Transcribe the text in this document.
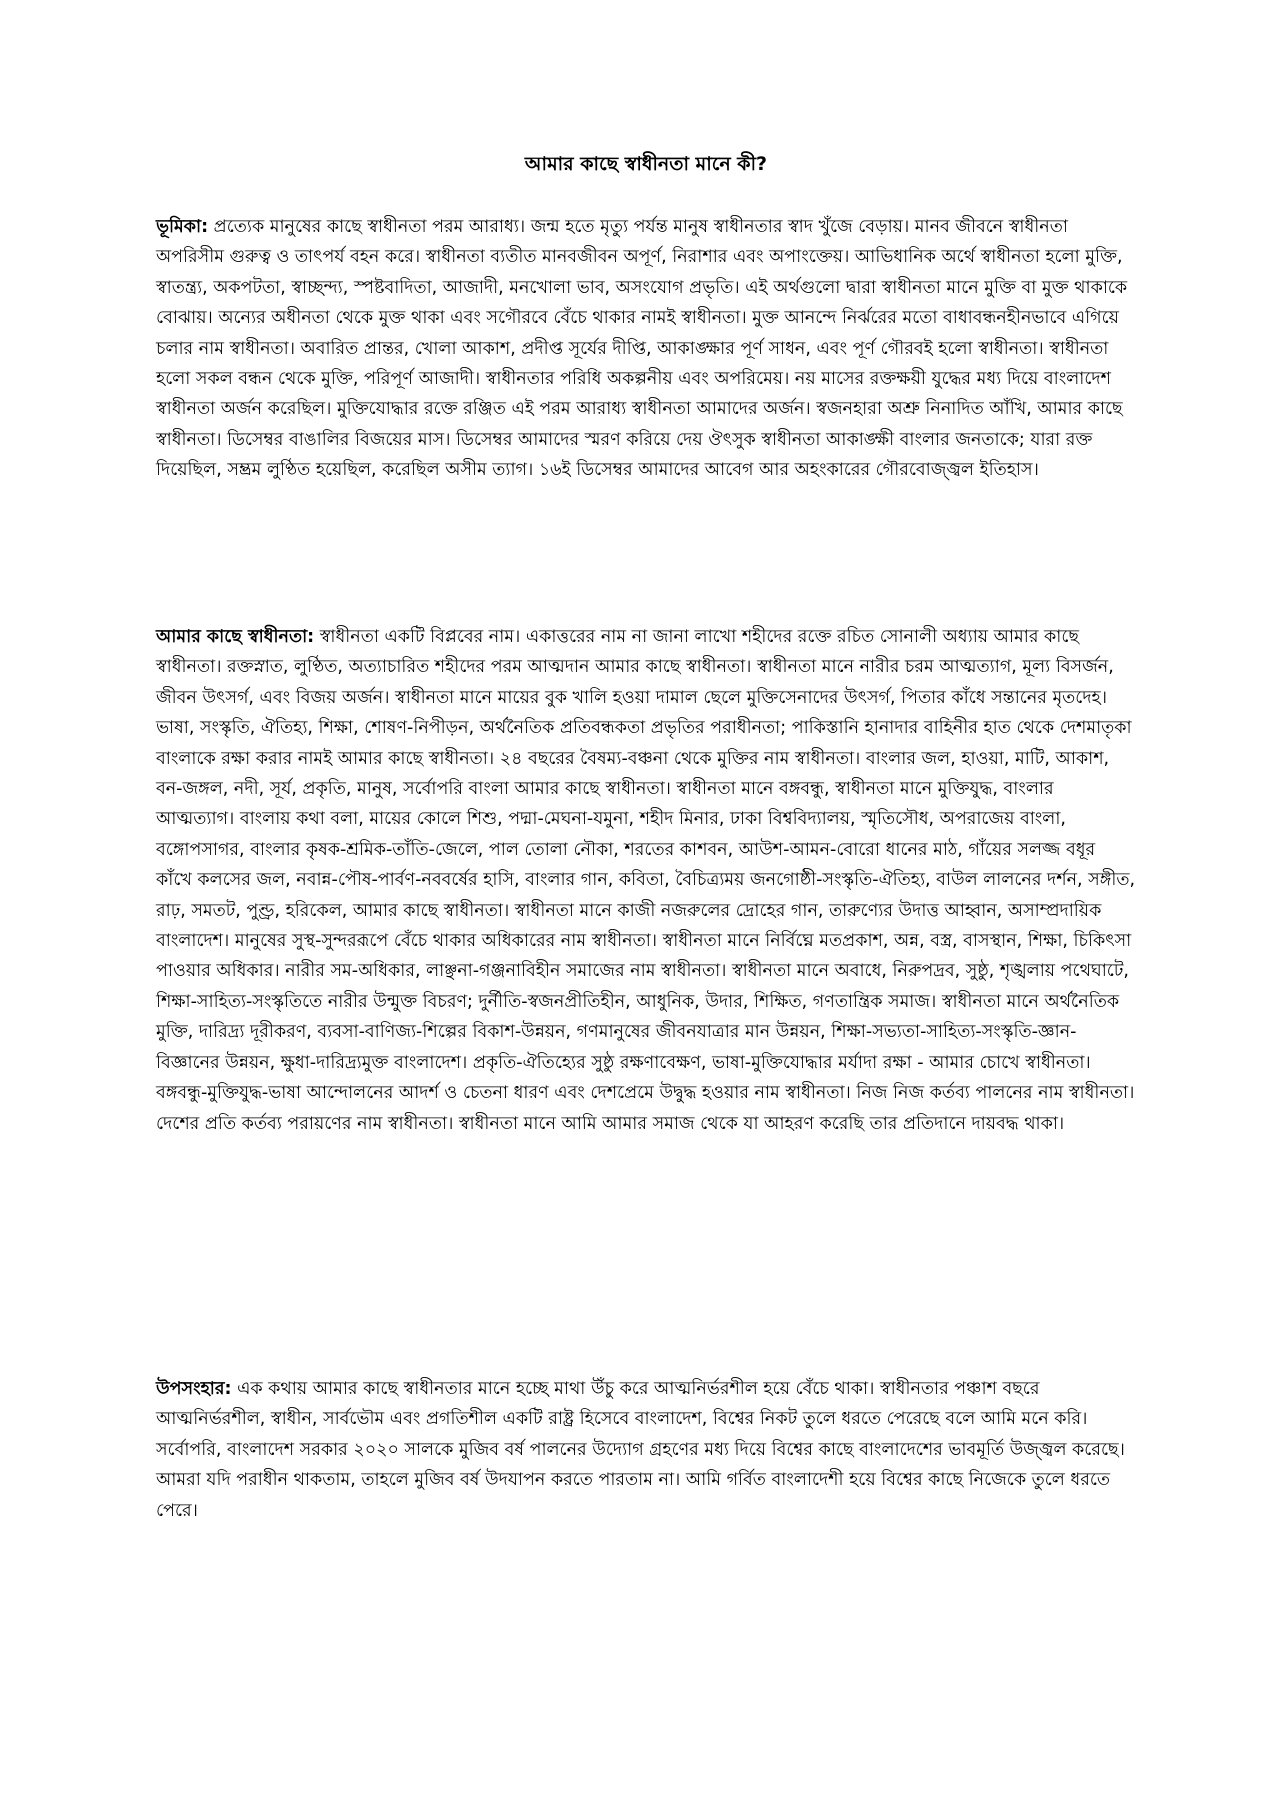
আমার কাছে স্বাধীনতা মানে কী?

ভূমিকা: প্রত্যেক মানুষের কাছে স্বাধীনতা পরম আরাধ্য। জন্ম হতে মৃত্যু পর্যন্ত মানুষ স্বাধীনতার স্বাদ খুঁজে বেড়ায়। মানব জীবনে স্বাধীনতা অপরিসীম গুরুত্ব ও তাৎপর্য বহন করে। স্বাধীনতা ব্যতীত মানবজীবন অপূর্ণ, নিরাশার এবং অপাংক্তেয়। আভিধানিক অর্থে স্বাধীনতা হলো মুক্তি, স্বাতন্ত্র্য, অকপটতা, স্বাচ্ছন্দ্য, স্পষ্টবাদিতা, আজাদী, মনখোলা ভাব, অসংযোগ প্রভৃতি। এই অর্থগুলো দ্বারা স্বাধীনতা মানে মুক্তি বা মুক্ত থাকাকে বোঝায়। অন্যের অধীনতা থেকে মুক্ত থাকা এবং সগৌরবে বেঁচে থাকার নামই স্বাধীনতা। মুক্ত আনন্দে নির্ঝরের মতো বাধাবন্ধনহীনভাবে এগিয়ে চলার নাম স্বাধীনতা। অবারিত প্রান্তর, খোলা আকাশ, প্রদীপ্ত সূর্যের দীপ্তি, আকাঙ্ক্ষার পূর্ণ সাধন, এবং পূর্ণ গৌরবই হলো স্বাধীনতা। স্বাধীনতা হলো সকল বন্ধন থেকে মুক্তি, পরিপূর্ণ আজাদী। স্বাধীনতার পরিধি অকল্পনীয় এবং অপরিমেয়। নয় মাসের রক্তক্ষয়ী যুদ্ধের মধ্য দিয়ে বাংলাদেশ স্বাধীনতা অর্জন করেছিল। মুক্তিযোদ্ধার রক্তে রঞ্জিত এই পরম আরাধ্য স্বাধীনতা আমাদের অর্জন। স্বজনহারা অশ্রু নিনাদিত আঁখি, আমার কাছে স্বাধীনতা। ডিসেম্বর বাঙালির বিজয়ের মাস। ডিসেম্বর আমাদের স্মরণ করিয়ে দেয় ঔৎসুক স্বাধীনতা আকাঙ্ক্ষী বাংলার জনতাকে; যারা রক্ত দিয়েছিল, সম্ভ্রম লুণ্ঠিত হয়েছিল, করেছিল অসীম ত্যাগ। ১৬ই ডিসেম্বর আমাদের আবেগ আর অহংকারের গৌরবোজ্জ্বল ইতিহাস।

আমার কাছে স্বাধীনতা: স্বাধীনতা একটি বিপ্লবের নাম। একাত্তরের নাম না জানা লাখো শহীদের রক্তে রচিত সোনালী অধ্যায় আমার কাছে স্বাধীনতা। রক্তস্নাত, লুণ্ঠিত, অত্যাচারিত শহীদের পরম আত্মদান আমার কাছে স্বাধীনতা। স্বাধীনতা মানে নারীর চরম আত্মত্যাগ, মূল্য বিসর্জন, জীবন উৎসর্গ, এবং বিজয় অর্জন। স্বাধীনতা মানে মায়ের বুক খালি হওয়া দামাল ছেলে মুক্তিসেনাদের উৎসর্গ, পিতার কাঁধে সন্তানের মৃতদেহ। ভাষা, সংস্কৃতি, ঐতিহ্য, শিক্ষা, শোষণ-নিপীড়ন, অর্থনৈতিক প্রতিবন্ধকতা প্রভৃতির পরাধীনতা; পাকিস্তানি হানাদার বাহিনীর হাত থেকে দেশমাতৃকা বাংলাকে রক্ষা করার নামই আমার কাছে স্বাধীনতা। ২৪ বছরের বৈষম্য-বঞ্চনা থেকে মুক্তির নাম স্বাধীনতা। বাংলার জল, হাওয়া, মাটি, আকাশ, বন-জঙ্গল, নদী, সূর্য, প্রকৃতি, মানুষ, সর্বোপরি বাংলা আমার কাছে স্বাধীনতা। স্বাধীনতা মানে বঙ্গবন্ধু, স্বাধীনতা মানে মুক্তিযুদ্ধ, বাংলার আত্মত্যাগ। বাংলায় কথা বলা, মায়ের কোলে শিশু, পদ্মা-মেঘনা-যমুনা, শহীদ মিনার, ঢাকা বিশ্ববিদ্যালয়, স্মৃতিসৌধ, অপরাজেয় বাংলা, বঙ্গোপসাগর, বাংলার কৃষক-শ্রমিক-তাঁতি-জেলে, পাল তোলা নৌকা, শরতের কাশবন, আউশ-আমন-বোরো ধানের মাঠ, গাঁয়ের সলজ্জ বধূর কাঁখে কলসের জল, নবান্ন-পৌষ-পার্বণ-নববর্ষের হাসি, বাংলার গান, কবিতা, বৈচিত্র্যময় জনগোষ্ঠী-সংস্কৃতি-ঐতিহ্য, বাউল লালনের দর্শন, সঙ্গীত, রাঢ়, সমতট, পুণ্ড্র, হরিকেল, আমার কাছে স্বাধীনতা। স্বাধীনতা মানে কাজী নজরুলের দ্রোহের গান, তারুণ্যের উদাত্ত আহ্বান, অসাম্প্রদায়িক বাংলাদেশ। মানুষের সুস্থ-সুন্দররূপে বেঁচে থাকার অধিকারের নাম স্বাধীনতা। স্বাধীনতা মানে নির্বিঘ্নে মতপ্রকাশ, অন্ন, বস্ত্র, বাসস্থান, শিক্ষা, চিকিৎসা পাওয়ার অধিকার। নারীর সম-অধিকার, লাঞ্ছনা-গঞ্জনাবিহীন সমাজের নাম স্বাধীনতা। স্বাধীনতা মানে অবাধে, নিরুপদ্রব, সুষ্ঠু, শৃঙ্খলায় পথেঘাটে, শিক্ষা-সাহিত্য-সংস্কৃতিতে নারীর উন্মুক্ত বিচরণ; দুর্নীতি-স্বজনপ্রীতিহীন, আধুনিক, উদার, শিক্ষিত, গণতান্ত্রিক সমাজ। স্বাধীনতা মানে অর্থনৈতিক মুক্তি, দারিদ্র্য দূরীকরণ, ব্যবসা-বাণিজ্য-শিল্পের বিকাশ-উন্নয়ন, গণমানুষের জীবনযাত্রার মান উন্নয়ন, শিক্ষা-সভ্যতা-সাহিত্য-সংস্কৃতি-জ্ঞান-বিজ্ঞানের উন্নয়ন, ক্ষুধা-দারিদ্র্যমুক্ত বাংলাদেশ। প্রকৃতি-ঐতিহ্যের সুষ্ঠু রক্ষণাবেক্ষণ, ভাষা-মুক্তিযোদ্ধার মর্যাদা রক্ষা - আমার চোখে স্বাধীনতা। বঙ্গবন্ধু-মুক্তিযুদ্ধ-ভাষা আন্দোলনের আদর্শ ও চেতনা ধারণ এবং দেশপ্রেমে উদ্বুদ্ধ হওয়ার নাম স্বাধীনতা। নিজ নিজ কর্তব্য পালনের নাম স্বাধীনতা। দেশের প্রতি কর্তব্য পরায়ণের নাম স্বাধীনতা। স্বাধীনতা মানে আমি আমার সমাজ থেকে যা আহরণ করেছি তার প্রতিদানে দায়বদ্ধ থাকা।

উপসংহার: এক কথায় আমার কাছে স্বাধীনতার মানে হচ্ছে মাথা উঁচু করে আত্মনির্ভরশীল হয়ে বেঁচে থাকা। স্বাধীনতার পঞ্চাশ বছরে আত্মনির্ভরশীল, স্বাধীন, সার্বভৌম এবং প্রগতিশীল একটি রাষ্ট্র হিসেবে বাংলাদেশ, বিশ্বের নিকট তুলে ধরতে পেরেছে বলে আমি মনে করি। সর্বোপরি, বাংলাদেশ সরকার ২০২০ সালকে মুজিব বর্ষ পালনের উদ্যোগ গ্রহণের মধ্য দিয়ে বিশ্বের কাছে বাংলাদেশের ভাবমূর্তি উজ্জ্বল করেছে। আমরা যদি পরাধীন থাকতাম, তাহলে মুজিব বর্ষ উদযাপন করতে পারতাম না। আমি গর্বিত বাংলাদেশী হয়ে বিশ্বের কাছে নিজেকে তুলে ধরতে পেরে।
